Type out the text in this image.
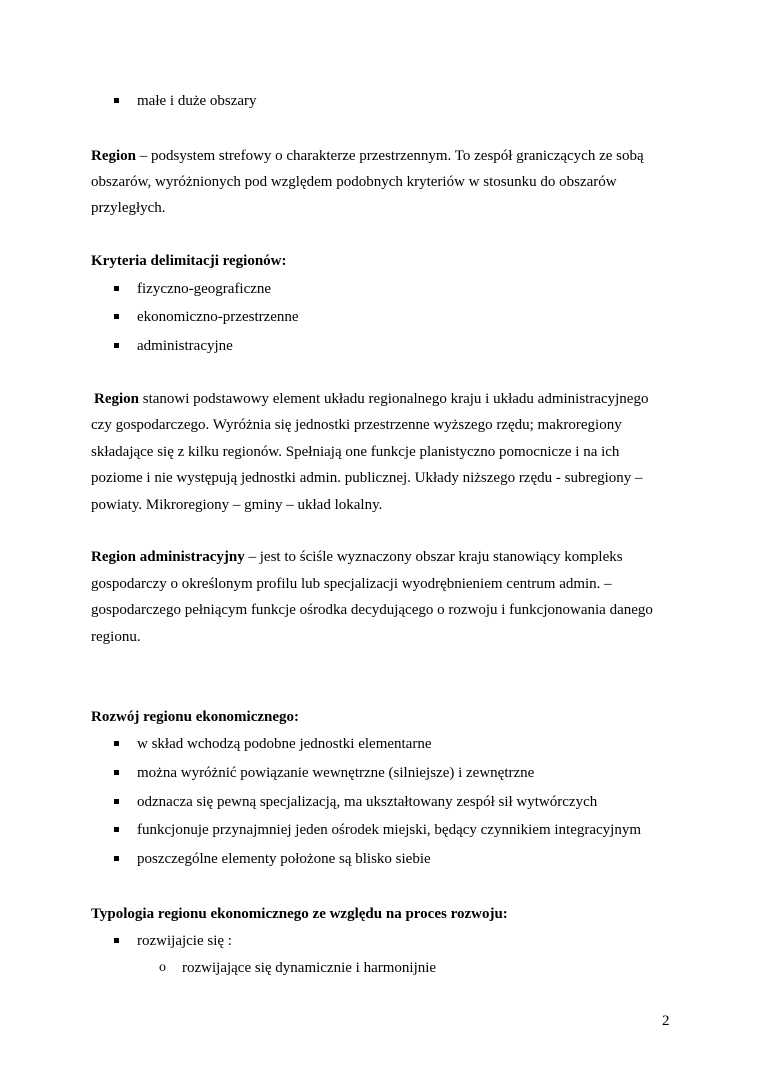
małe i duże obszary
Region – podsystem strefowy o charakterze przestrzennym. To zespół graniczących ze sobą
obszarów, wyróżnionych pod względem podobnych kryteriów w stosunku do obszarów
przyległych.
Kryteria delimitacji regionów:
fizyczno-geograficzne
ekonomiczno-przestrzenne
administracyjne
Region stanowi podstawowy element układu regionalnego kraju i układu administracyjnego
czy gospodarczego. Wyróżnia się jednostki przestrzenne wyższego rzędu; makroregiony
składające się z kilku regionów. Spełniają one funkcje planistyczno pomocnicze i na ich
poziome i nie występują jednostki admin. publicznej. Układy niższego rzędu - subregiony –
powiaty. Mikroregiony – gminy – układ lokalny.
Region administracyjny – jest to ściśle wyznaczony obszar kraju stanowiący kompleks
gospodarczy o określonym profilu lub specjalizacji wyodrębnieniem centrum admin. –
gospodarczego pełniącym funkcje ośrodka decydującego o rozwoju i funkcjonowania danego
regionu.
Rozwój regionu ekonomicznego:
w skład wchodzą podobne jednostki elementarne
można wyróżnić powiązanie wewnętrzne (silniejsze) i zewnętrzne
odznacza się pewną specjalizacją, ma ukształtowany zespół sił wytwórczych
funkcjonuje przynajmniej jeden ośrodek miejski, będący czynnikiem integracyjnym
poszczególne elementy położone są blisko siebie
Typologia regionu ekonomicznego ze względu na proces rozwoju:
rozwijajcie się :
o rozwijające się dynamicznie i harmonijnie
2
